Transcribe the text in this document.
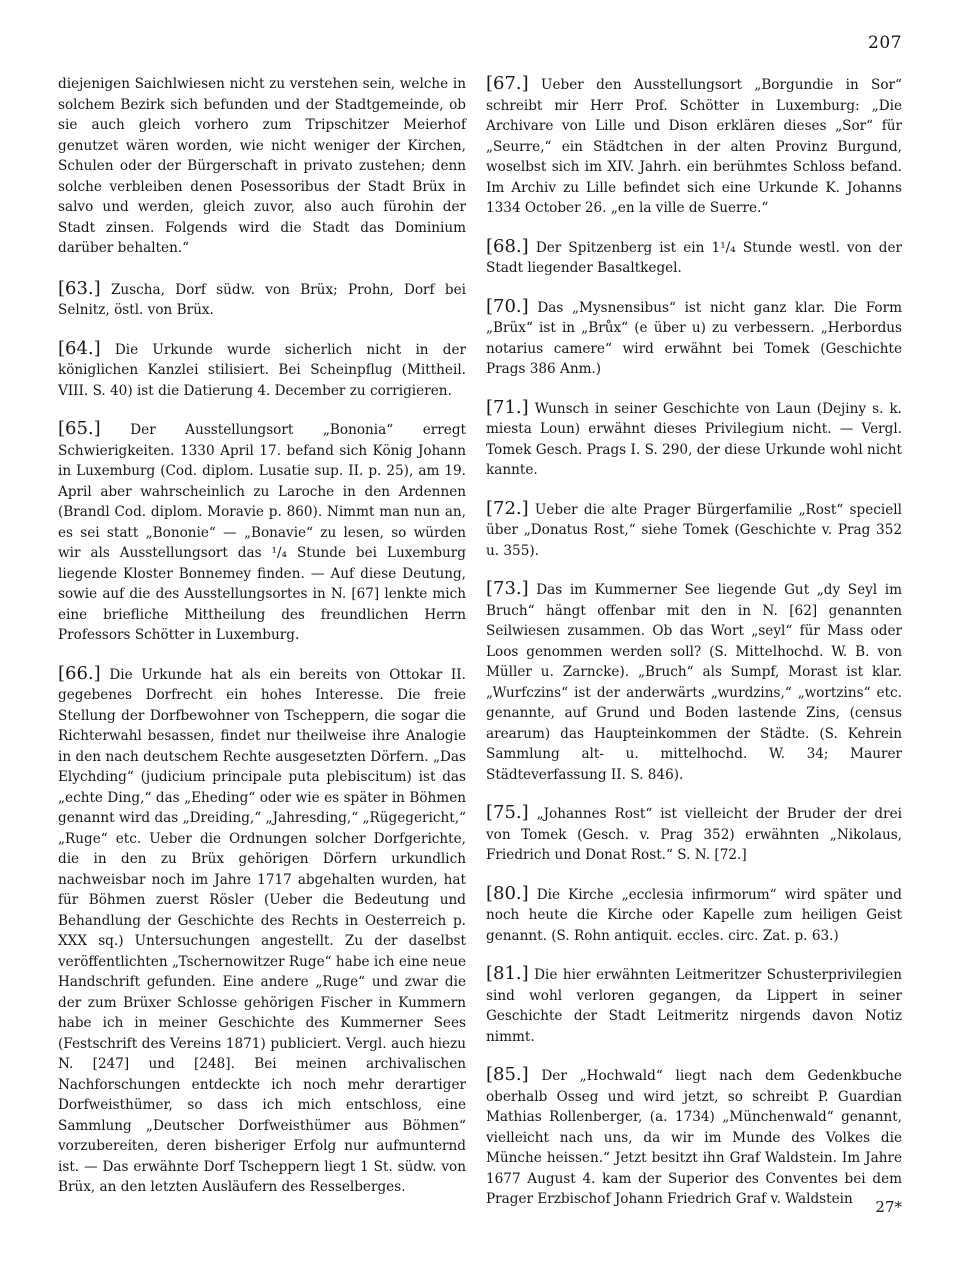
207

diejenigen Saichlwiesen nicht zu verstehen sein, welche in solchem Bezirk sich befunden und der Stadtgemeinde, ob sie auch gleich vorhero zum Tripschitzer Meierhof genutzet wären worden, wie nicht weniger der Kirchen, Schulen oder der Bürgerschaft in privato zustehen; denn solche verbleiben denen Posessoribus der Stadt Brüx in salvo und werden, gleich zuvor, also auch fürohin der Stadt zinsen. Folgends wird die Stadt das Dominium darüber behalten.“

[63.] Zuscha, Dorf südw. von Brüx; Prohn, Dorf bei Selnitz, östl. von Brüx.

[64.] Die Urkunde wurde sicherlich nicht in der königlichen Kanzlei stilisiert. Bei Scheinpflug (Mittheil. VIII. S. 40) ist die Datierung 4. December zu corrigieren.

[65.] Der Ausstellungsort „Bononia“ erregt Schwierigkeiten. 1330 April 17. befand sich König Johann in Luxemburg (Cod. diplom. Lusatie sup. II. p. 25), am 19. April aber wahrscheinlich zu Laroche in den Ardennen (Brandl Cod. diplom. Moravie p. 860). Nimmt man nun an, es sei statt „Bononie“ — „Bonavie“ zu lesen, so würden wir als Ausstellungsort das ¹/₄ Stunde bei Luxemburg liegende Kloster Bonnemey finden. — Auf diese Deutung, sowie auf die des Ausstellungsortes in N. [67] lenkte mich eine briefliche Mittheilung des freundlichen Herrn Professors Schötter in Luxemburg.

[66.] Die Urkunde hat als ein bereits von Ottokar II. gegebenes Dorfrecht ein hohes Interesse. Die freie Stellung der Dorfbewohner von Tscheppern, die sogar die Richterwahl besassen, findet nur theilweise ihre Analogie in den nach deutschem Rechte ausgesetzten Dörfern. „Das Elychding“ (judicium principale puta plebiscitum) ist das „echte Ding,“ das „Eheding“ oder wie es später in Böhmen genannt wird das „Dreiding,“ „Jahresding,“ „Rügegericht,“ „Ruge“ etc. Ueber die Ordnungen solcher Dorfgerichte, die in den zu Brüx gehörigen Dörfern urkundlich nachweisbar noch im Jahre 1717 abgehalten wurden, hat für Böhmen zuerst Rösler (Ueber die Bedeutung und Behandlung der Geschichte des Rechts in Oesterreich p. XXX sq.) Untersuchungen angestellt. Zu der daselbst veröffentlichten „Tschernowitzer Ruge“ habe ich eine neue Handschrift gefunden. Eine andere „Ruge“ und zwar die der zum Brüxer Schlosse gehörigen Fischer in Kummern habe ich in meiner Geschichte des Kummerner Sees (Festschrift des Vereins 1871) publiciert. Vergl. auch hiezu N. [247] und [248]. Bei meinen archivalischen Nachforschungen entdeckte ich noch mehr derartiger Dorfweisthümer, so dass ich mich entschloss, eine Sammlung „Deutscher Dorfweisthümer aus Böhmen“ vorzubereiten, deren bisheriger Erfolg nur aufmunternd ist. — Das erwähnte Dorf Tscheppern liegt 1 St. südw. von Brüx, an den letzten Ausläufern des Resselberges.

[67.] Ueber den Ausstellungsort „Borgundie in Sor“ schreibt mir Herr Prof. Schötter in Luxemburg: „Die Archivare von Lille und Dison erklären dieses „Sor“ für „Seurre,“ ein Städtchen in der alten Provinz Burgund, woselbst sich im XIV. Jahrh. ein berühmtes Schloss befand. Im Archiv zu Lille befindet sich eine Urkunde K. Johanns 1334 October 26. „en la ville de Suerre.“

[68.] Der Spitzenberg ist ein 1¹/₄ Stunde westl. von der Stadt liegender Basaltkegel.

[70.] Das „Mysnensibus“ ist nicht ganz klar. Die Form „Brüx“ ist in „Brůx“ (e über u) zu verbessern. „Herbordus notarius camere“ wird erwähnt bei Tomek (Geschichte Prags 386 Anm.)

[71.] Wunsch in seiner Geschichte von Laun (Dejiny s. k. miesta Loun) erwähnt dieses Privilegium nicht. — Vergl. Tomek Gesch. Prags I. S. 290, der diese Urkunde wohl nicht kannte.

[72.] Ueber die alte Prager Bürgerfamilie „Rost“ speciell über „Donatus Rost,“ siehe Tomek (Geschichte v. Prag 352 u. 355).

[73.] Das im Kummerner See liegende Gut „dy Seyl im Bruch“ hängt offenbar mit den in N. [62] genannten Seilwiesen zusammen. Ob das Wort „seyl“ für Mass oder Loos genommen werden soll? (S. Mittelhochd. W. B. von Müller u. Zarncke). „Bruch“ als Sumpf, Morast ist klar. „Wurfczins“ ist der anderwärts „wurdzins,“ „wortzins“ etc. genannte, auf Grund und Boden lastende Zins, (census arearum) das Haupteinkommen der Städte. (S. Kehrein Sammlung alt- u. mittelhochd. W. 34; Maurer Städteverfassung II. S. 846).

[75.] „Johannes Rost“ ist vielleicht der Bruder der drei von Tomek (Gesch. v. Prag 352) erwähnten „Nikolaus, Friedrich und Donat Rost.“ S. N. [72.]

[80.] Die Kirche „ecclesia infirmorum“ wird später und noch heute die Kirche oder Kapelle zum heiligen Geist genannt. (S. Rohn antiquit. eccles. circ. Zat. p. 63.)

[81.] Die hier erwähnten Leitmeritzer Schusterprivilegien sind wohl verloren gegangen, da Lippert in seiner Geschichte der Stadt Leitmeritz nirgends davon Notiz nimmt.

[85.] Der „Hochwald“ liegt nach dem Gedenkbuche oberhalb Osseg und wird jetzt, so schreibt P. Guardian Mathias Rollenberger, (a. 1734) „Münchenwald“ genannt, vielleicht nach uns, da wir im Munde des Volkes die Münche heissen.“ Jetzt besitzt ihn Graf Waldstein. Im Jahre 1677 August 4. kam der Superior des Conventes bei dem Prager Erzbischof Johann Friedrich Graf v. Waldstein	27*
